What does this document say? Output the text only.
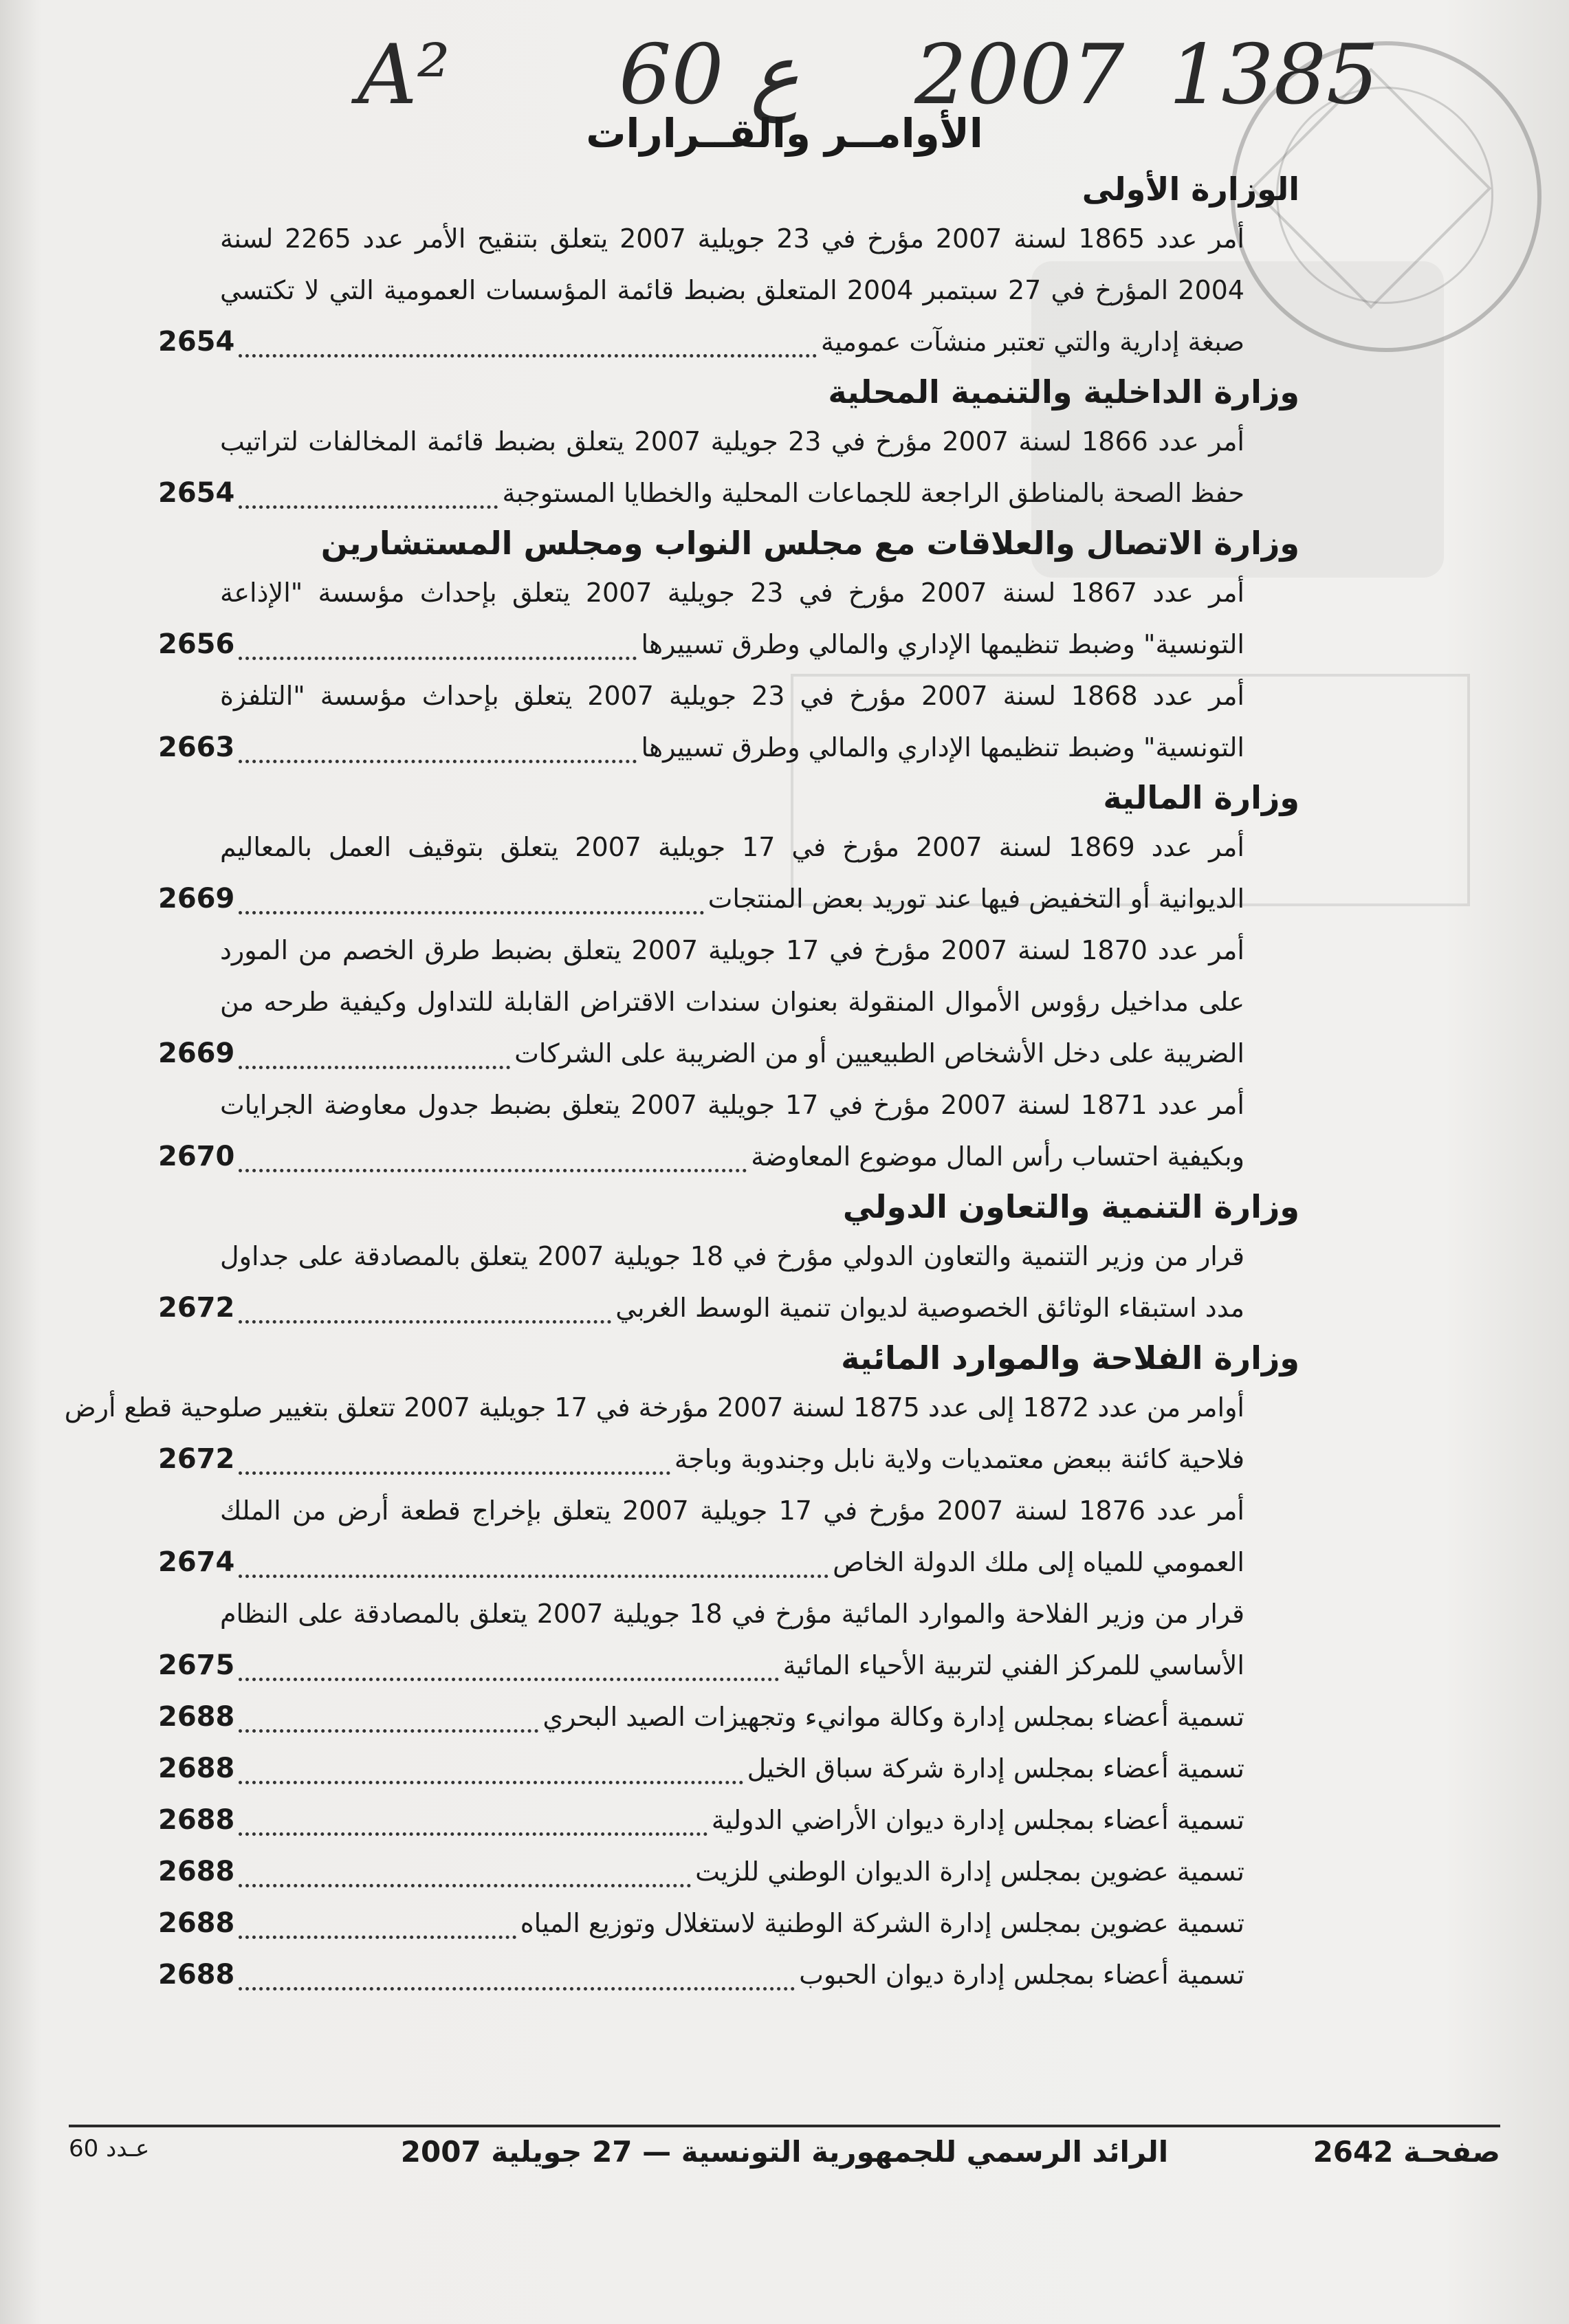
A² 60 ع 2007 1385
الأوامــر والقــرارات
الوزارة الأولى
أمر عدد 1865 لسنة 2007 مؤرخ في 23 جويلية 2007 يتعلق بتنقيح الأمر عدد 2265 لسنة
2004 المؤرخ في 27 سبتمبر 2004 المتعلق بضبط قائمة المؤسسات العمومية التي لا تكتسي
صبغة إدارية والتي تعتبر منشآت عمومية
2654
وزارة الداخلية والتنمية المحلية
أمر عدد 1866 لسنة 2007 مؤرخ في 23 جويلية 2007 يتعلق بضبط قائمة المخالفات لتراتيب
حفظ الصحة بالمناطق الراجعة للجماعات المحلية والخطايا المستوجبة
2654
وزارة الاتصال والعلاقات مع مجلس النواب ومجلس المستشارين
أمر عدد 1867 لسنة 2007 مؤرخ في 23 جويلية 2007 يتعلق بإحداث مؤسسة "الإذاعة
التونسية" وضبط تنظيمها الإداري والمالي وطرق تسييرها
2656
أمر عدد 1868 لسنة 2007 مؤرخ في 23 جويلية 2007 يتعلق بإحداث مؤسسة "التلفزة
التونسية" وضبط تنظيمها الإداري والمالي وطرق تسييرها
2663
وزارة المالية
أمر عدد 1869 لسنة 2007 مؤرخ في 17 جويلية 2007 يتعلق بتوقيف العمل بالمعاليم
الديوانية أو التخفيض فيها عند توريد بعض المنتجات
2669
أمر عدد 1870 لسنة 2007 مؤرخ في 17 جويلية 2007 يتعلق بضبط طرق الخصم من المورد
على مداخيل رؤوس الأموال المنقولة بعنوان سندات الاقتراض القابلة للتداول وكيفية طرحه من
الضريبة على دخل الأشخاص الطبيعيين أو من الضريبة على الشركات
2669
أمر عدد 1871 لسنة 2007 مؤرخ في 17 جويلية 2007 يتعلق بضبط جدول معاوضة الجرايات
وبكيفية احتساب رأس المال موضوع المعاوضة
2670
وزارة التنمية والتعاون الدولي
قرار من وزير التنمية والتعاون الدولي مؤرخ في 18 جويلية 2007 يتعلق بالمصادقة على جداول
مدد استبقاء الوثائق الخصوصية لديوان تنمية الوسط الغربي
2672
وزارة الفلاحة والموارد المائية
أوامر من عدد 1872 إلى عدد 1875 لسنة 2007 مؤرخة في 17 جويلية 2007 تتعلق بتغيير صلوحية قطع أرض
فلاحية كائنة ببعض معتمديات ولاية نابل وجندوبة وباجة
2672
أمر عدد 1876 لسنة 2007 مؤرخ في 17 جويلية 2007 يتعلق بإخراج قطعة أرض من الملك
العمومي للمياه إلى ملك الدولة الخاص
2674
قرار من وزير الفلاحة والموارد المائية مؤرخ في 18 جويلية 2007 يتعلق بالمصادقة على النظام
الأساسي للمركز الفني لتربية الأحياء المائية
2675
تسمية أعضاء بمجلس إدارة وكالة موانيء وتجهيزات الصيد البحري
2688
تسمية أعضاء بمجلس إدارة شركة سباق الخيل
2688
تسمية أعضاء بمجلس إدارة ديوان الأراضي الدولية
2688
تسمية عضوين بمجلس إدارة الديوان الوطني للزيت
2688
تسمية عضوين بمجلس إدارة الشركة الوطنية لاستغلال وتوزيع المياه
2688
تسمية أعضاء بمجلس إدارة ديوان الحبوب
2688
صفحـة 2642
الرائد الرسمي للجمهورية التونسية — 27 جويلية 2007
عـدد 60
